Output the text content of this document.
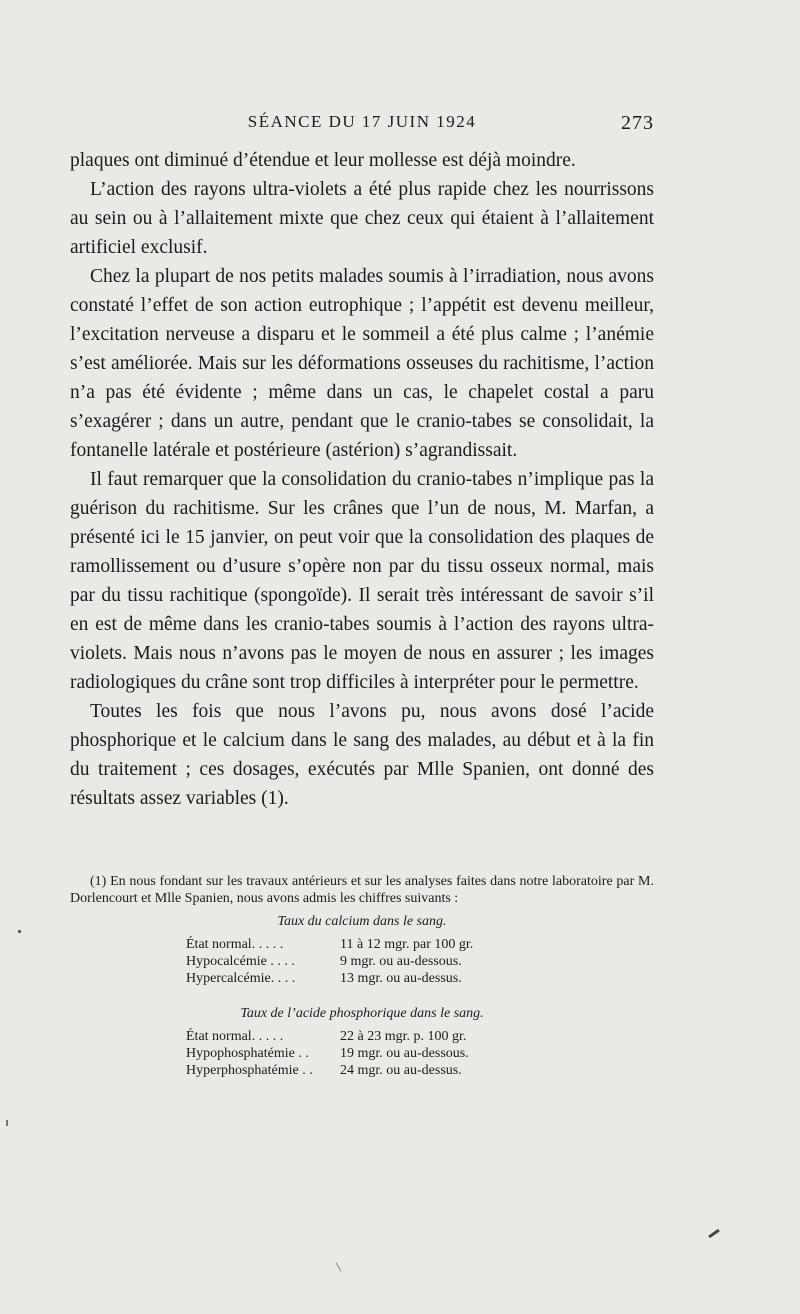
SÉANCE DU 17 JUIN 1924	273

plaques ont diminué d’étendue et leur mollesse est déjà moindre.

L’action des rayons ultra-violets a été plus rapide chez les nourrissons au sein ou à l’allaitement mixte que chez ceux qui étaient à l’allaitement artificiel exclusif.

Chez la plupart de nos petits malades soumis à l’irradiation, nous avons constaté l’effet de son action eutrophique ; l’appétit est devenu meilleur, l’excitation nerveuse a disparu et le sommeil a été plus calme ; l’anémie s’est améliorée. Mais sur les déformations osseuses du rachitisme, l’action n’a pas été évidente ; même dans un cas, le chapelet costal a paru s’exagérer ; dans un autre, pendant que le cranio-tabes se consolidait, la fontanelle latérale et postérieure (astérion) s’agrandissait.

Il faut remarquer que la consolidation du cranio-tabes n’implique pas la guérison du rachitisme. Sur les crânes que l’un de nous, M. Marfan, a présenté ici le 15 janvier, on peut voir que la consolidation des plaques de ramollissement ou d’usure s’opère non par du tissu osseux normal, mais par du tissu rachitique (spongoïde). Il serait très intéressant de savoir s’il en est de même dans les cranio-tabes soumis à l’action des rayons ultra-violets. Mais nous n’avons pas le moyen de nous en assurer ; les images radiologiques du crâne sont trop difficiles à interpréter pour le permettre.

Toutes les fois que nous l’avons pu, nous avons dosé l’acide phosphorique et le calcium dans le sang des malades, au début et à la fin du traitement ; ces dosages, exécutés par Mlle Spanien, ont donné des résultats assez variables (1).

(1) En nous fondant sur les travaux antérieurs et sur les analyses faites dans notre laboratoire par M. Dorlencourt et Mlle Spanien, nous avons admis les chiffres suivants :

Taux du calcium dans le sang.
État normal. . . . .	11 à 12 mgr. par 100 gr.
Hypocalcémie . . . .	9 mgr. ou au-dessous.
Hypercalcémie. . . .	13 mgr. ou au-dessus.
Taux de l’acide phosphorique dans le sang.
État normal. . . . .	22 à 23 mgr. p. 100 gr.
Hypophosphatémie . .	19 mgr. ou au-dessous.
Hyperphosphatémie . .	24 mgr. ou au-dessus.
